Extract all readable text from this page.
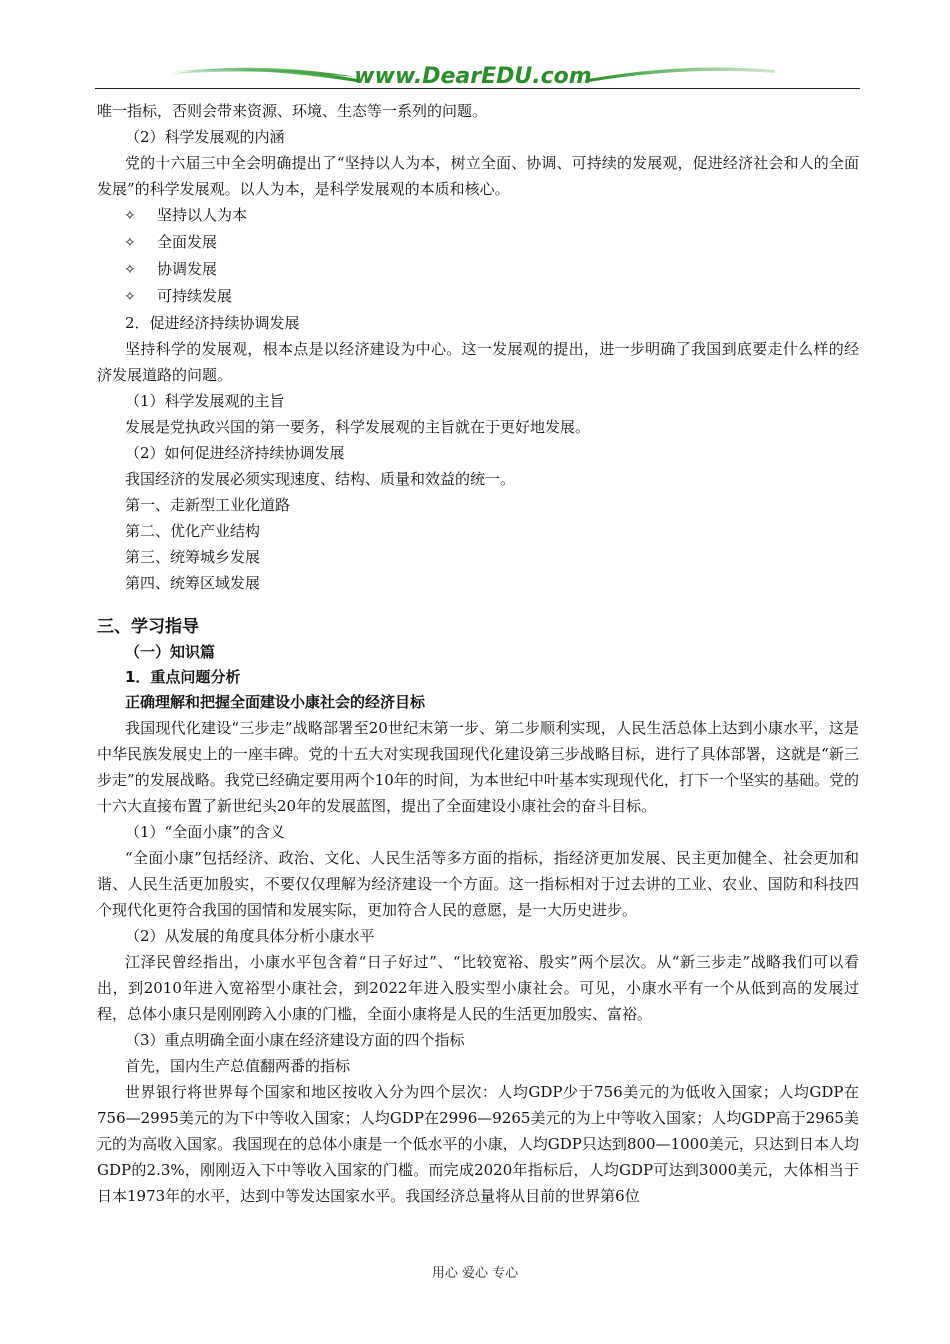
www.DearEDU.com

唯一指标，否则会带来资源、环境、生态等一系列的问题。

（2）科学发展观的内涵

党的十六届三中全会明确提出了“坚持以人为本，树立全面、协调、可持续的发展观，促进经济社会和人的全面发展”的科学发展观。以人为本，是科学发展观的本质和核心。

✧ 坚持以人为本

✧ 全面发展

✧ 协调发展

✧ 可持续发展

2．促进经济持续协调发展

坚持科学的发展观，根本点是以经济建设为中心。这一发展观的提出，进一步明确了我国到底要走什么样的经济发展道路的问题。

（1）科学发展观的主旨

发展是党执政兴国的第一要务，科学发展观的主旨就在于更好地发展。

（2）如何促进经济持续协调发展

我国经济的发展必须实现速度、结构、质量和效益的统一。

第一、走新型工业化道路

第二、优化产业结构

第三、统筹城乡发展

第四、统筹区域发展

三、学习指导

（一）知识篇

1．重点问题分析

正确理解和把握全面建设小康社会的经济目标

我国现代化建设“三步走”战略部署至20世纪末第一步、第二步顺利实现，人民生活总体上达到小康水平，这是中华民族发展史上的一座丰碑。党的十五大对实现我国现代化建设第三步战略目标，进行了具体部署，这就是“新三步走”的发展战略。我党已经确定要用两个10年的时间，为本世纪中叶基本实现现代化，打下一个坚实的基础。党的十六大直接布置了新世纪头20年的发展蓝图，提出了全面建设小康社会的奋斗目标。

（1）“全面小康”的含义

“全面小康”包括经济、政治、文化、人民生活等多方面的指标，指经济更加发展、民主更加健全、社会更加和谐、人民生活更加殷实，不要仅仅理解为经济建设一个方面。这一指标相对于过去讲的工业、农业、国防和科技四个现代化更符合我国的国情和发展实际，更加符合人民的意愿，是一大历史进步。

（2）从发展的角度具体分析小康水平

江泽民曾经指出，小康水平包含着“日子好过”、“比较宽裕、殷实”两个层次。从“新三步走”战略我们可以看出，到2010年进入宽裕型小康社会，到2022年进入股实型小康社会。可见，小康水平有一个从低到高的发展过程，总体小康只是刚刚跨入小康的门槛，全面小康将是人民的生活更加殷实、富裕。

（3）重点明确全面小康在经济建设方面的四个指标

首先，国内生产总值翻两番的指标

世界银行将世界每个国家和地区按收入分为四个层次：人均GDP少于756美元的为低收入国家；人均GDP在 756—2995美元的为下中等收入国家；人均GDP在2996—9265美元的为上中等收入国家；人均GDP高于2965美元的为高收入国家。我国现在的总体小康是一个低水平的小康，人均GDP只达到800—1000美元，只达到日本人均GDP的2.3%，刚刚迈入下中等收入国家的门槛。而完成2020年指标后，人均GDP可达到3000美元，大体相当于日本1973年的水平，达到中等发达国家水平。我国经济总量将从目前的世界第6位

用心 爱心 专心
